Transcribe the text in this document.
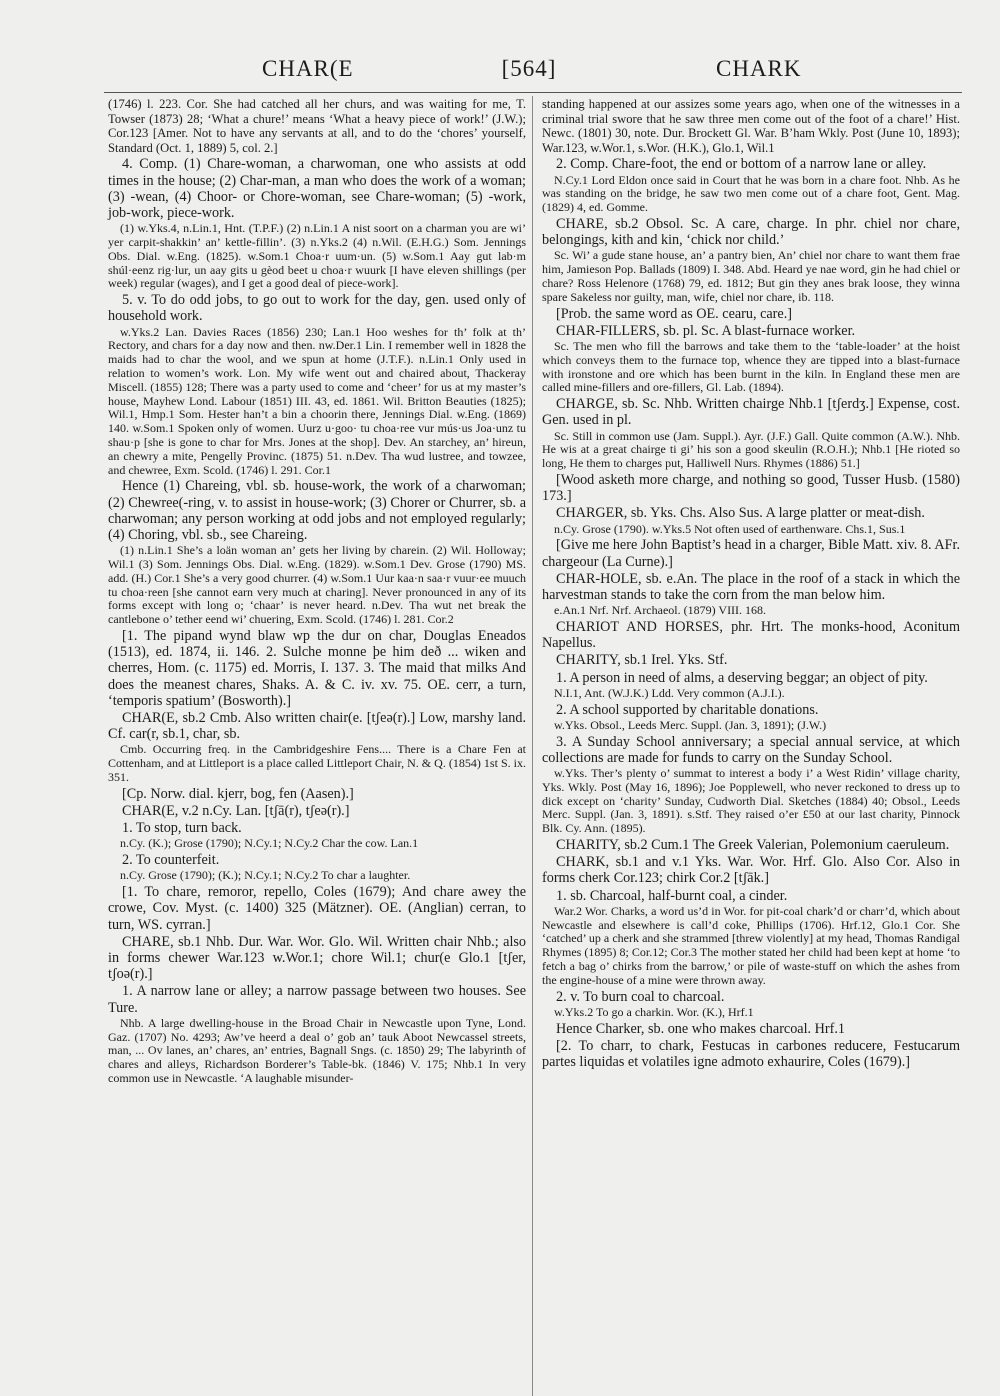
CHAR(E	[564]	CHARK

(1746) l. 223. Cor. She had catched all her churs, and was waiting for me, T. Towser (1873) 28; ‘What a chure!’ means ‘What a heavy piece of work!’ (J.W.); Cor.123 [Amer. Not to have any servants at all, and to do the ‘chores’ yourself, Standard (Oct. 1, 1889) 5, col. 2.]

4. Comp. (1) Chare-woman, a charwoman, one who assists at odd times in the house; (2) Char-man, a man who does the work of a woman; (3) -wean, (4) Choor- or Chore-woman, see Chare-woman; (5) -work, job-work, piece-work.

(1) w.Yks.4, n.Lin.1, Hnt. (T.P.F.) (2) n.Lin.1 A nist soort on a charman you are wi’ yer carpit-shakkin’ an’ kettle-fillin’. (3) n.Yks.2 (4) n.Wil. (E.H.G.) Som. Jennings Obs. Dial. w.Eng. (1825). w.Som.1 Choa·r uum·un. (5) w.Som.1 Aay gut lab·m shúl·eenz rig·lur, un aay gits u gèod beet u choa·r wuurk [I have eleven shillings (per week) regular (wages), and I get a good deal of piece-work].

5. v. To do odd jobs, to go out to work for the day, gen. used only of household work.

w.Yks.2 Lan. Davies Races (1856) 230; Lan.1 Hoo weshes for th’ folk at th’ Rectory, and chars for a day now and then. nw.Der.1 Lin. I remember well in 1828 the maids had to char the wool, and we spun at home (J.T.F.). n.Lin.1 Only used in relation to women’s work. Lon. My wife went out and chaired about, Thackeray Miscell. (1855) 128; There was a party used to come and ‘cheer’ for us at my master’s house, Mayhew Lond. Labour (1851) III. 43, ed. 1861. Wil. Britton Beauties (1825); Wil.1, Hmp.1 Som. Hester han’t a bin a choorin there, Jennings Dial. w.Eng. (1869) 140. w.Som.1 Spoken only of women. Uurz u·goo· tu choa·ree vur mús·us Joa·unz tu shau·p [she is gone to char for Mrs. Jones at the shop]. Dev. An starchey, an’ hireun, an chewry a mite, Pengelly Provinc. (1875) 51. n.Dev. Tha wud lustree, and towzee, and chewree, Exm. Scold. (1746) l. 291. Cor.1

Hence (1) Chareing, vbl. sb. house-work, the work of a charwoman; (2) Chewree(-ring, v. to assist in house-work; (3) Chorer or Churrer, sb. a charwoman; any person working at odd jobs and not employed regularly; (4) Choring, vbl. sb., see Chareing.

(1) n.Lin.1 She’s a loän woman an’ gets her living by charein. (2) Wil. Holloway; Wil.1 (3) Som. Jennings Obs. Dial. w.Eng. (1829). w.Som.1 Dev. Grose (1790) MS. add. (H.) Cor.1 She’s a very good churrer. (4) w.Som.1 Uur kaa·n saa·r vuur·ee muuch tu choa·reen [she cannot earn very much at charing]. Never pronounced in any of its forms except with long o; ‘chaar’ is never heard. n.Dev. Tha wut net break the cantlebone o’ tether eend wi’ chuering, Exm. Scold. (1746) l. 281. Cor.2

[1. The pipand wynd blaw wp the dur on char, Douglas Eneados (1513), ed. 1874, ii. 146. 2. Sulche monne þe him deð ... wiken and cherres, Hom. (c. 1175) ed. Morris, I. 137. 3. The maid that milks And does the meanest chares, Shaks. A. & C. iv. xv. 75. OE. cerr, a turn, ‘temporis spatium’ (Bosworth).]

CHAR(E, sb.2 Cmb. Also written chair(e. [tʃeə(r).] Low, marshy land. Cf. car(r, sb.1, char, sb.

Cmb. Occurring freq. in the Cambridgeshire Fens.... There is a Chare Fen at Cottenham, and at Littleport is a place called Littleport Chair, N. & Q. (1854) 1st S. ix. 351.

[Cp. Norw. dial. kjerr, bog, fen (Aasen).]

CHAR(E, v.2 n.Cy. Lan. [tʃā(r), tʃeə(r).]

1. To stop, turn back.

n.Cy. (K.); Grose (1790); N.Cy.1; N.Cy.2 Char the cow. Lan.1

2. To counterfeit.

n.Cy. Grose (1790); (K.); N.Cy.1; N.Cy.2 To char a laughter.

[1. To chare, remoror, repello, Coles (1679); And chare awey the crowe, Cov. Myst. (c. 1400) 325 (Mätzner). OE. (Anglian) cerran, to turn, WS. cyrran.]

CHARE, sb.1 Nhb. Dur. War. Wor. Glo. Wil. Written chair Nhb.; also in forms chewer War.123 w.Wor.1; chore Wil.1; chur(e Glo.1 [tʃer, tʃoə(r).]

1. A narrow lane or alley; a narrow passage between two houses. See Ture.

Nhb. A large dwelling-house in the Broad Chair in Newcastle upon Tyne, Lond. Gaz. (1707) No. 4293; Aw’ve heerd a deal o’ gob an’ tauk Aboot Newcassel streets, man, ... Ov lanes, an’ chares, an’ entries, Bagnall Sngs. (c. 1850) 29; The labyrinth of chares and alleys, Richardson Borderer’s Table-bk. (1846) V. 175; Nhb.1 In very common use in Newcastle. ‘A laughable misunder-

standing happened at our assizes some years ago, when one of the witnesses in a criminal trial swore that he saw three men come out of the foot of a chare!’ Hist. Newc. (1801) 30, note. Dur. Brockett Gl. War. B’ham Wkly. Post (June 10, 1893); War.123, w.Wor.1, s.Wor. (H.K.), Glo.1, Wil.1

2. Comp. Chare-foot, the end or bottom of a narrow lane or alley.

N.Cy.1 Lord Eldon once said in Court that he was born in a chare foot. Nhb. As he was standing on the bridge, he saw two men come out of a chare foot, Gent. Mag. (1829) 4, ed. Gomme.

CHARE, sb.2 Obsol. Sc. A care, charge. In phr. chiel nor chare, belongings, kith and kin, ‘chick nor child.’

Sc. Wi’ a gude stane house, an’ a pantry bien, An’ chiel nor chare to want them frae him, Jamieson Pop. Ballads (1809) I. 348. Abd. Heard ye nae word, gin he had chiel or chare? Ross Helenore (1768) 79, ed. 1812; But gin they anes brak loose, they winna spare Sakeless nor guilty, man, wife, chiel nor chare, ib. 118.

[Prob. the same word as OE. cearu, care.]

CHAR-FILLERS, sb. pl. Sc. A blast-furnace worker.

Sc. The men who fill the barrows and take them to the ‘table-loader’ at the hoist which conveys them to the furnace top, whence they are tipped into a blast-furnace with ironstone and ore which has been burnt in the kiln. In England these men are called mine-fillers and ore-fillers, Gl. Lab. (1894).

CHARGE, sb. Sc. Nhb. Written chairge Nhb.1 [tʃerdʒ.] Expense, cost. Gen. used in pl.

Sc. Still in common use (Jam. Suppl.). Ayr. (J.F.) Gall. Quite common (A.W.). Nhb. He wis at a great chairge ti gi’ his son a good skeulin (R.O.H.); Nhb.1 [He rioted so long, He them to charges put, Halliwell Nurs. Rhymes (1886) 51.]

[Wood asketh more charge, and nothing so good, Tusser Husb. (1580) 173.]

CHARGER, sb. Yks. Chs. Also Sus. A large platter or meat-dish.

n.Cy. Grose (1790). w.Yks.5 Not often used of earthenware. Chs.1, Sus.1

[Give me here John Baptist’s head in a charger, Bible Matt. xiv. 8. AFr. chargeour (La Curne).]

CHAR-HOLE, sb. e.An. The place in the roof of a stack in which the harvestman stands to take the corn from the man below him.

e.An.1 Nrf. Nrf. Archaeol. (1879) VIII. 168.

CHARIOT AND HORSES, phr. Hrt. The monks-hood, Aconitum Napellus.

CHARITY, sb.1 Irel. Yks. Stf.

1. A person in need of alms, a deserving beggar; an object of pity.

N.I.1, Ant. (W.J.K.) Ldd. Very common (A.J.I.).

2. A school supported by charitable donations.

w.Yks. Obsol., Leeds Merc. Suppl. (Jan. 3, 1891); (J.W.)

3. A Sunday School anniversary; a special annual service, at which collections are made for funds to carry on the Sunday School.

w.Yks. Ther’s plenty o’ summat to interest a body i’ a West Ridin’ village charity, Yks. Wkly. Post (May 16, 1896); Joe Popplewell, who never reckoned to dress up to dick except on ‘charity’ Sunday, Cudworth Dial. Sketches (1884) 40; Obsol., Leeds Merc. Suppl. (Jan. 3, 1891). s.Stf. They raised o’er £50 at our last charity, Pinnock Blk. Cy. Ann. (1895).

CHARITY, sb.2 Cum.1 The Greek Valerian, Polemonium caeruleum.

CHARK, sb.1 and v.1 Yks. War. Wor. Hrf. Glo. Also Cor. Also in forms cherk Cor.123; chirk Cor.2 [tʃāk.]

1. sb. Charcoal, half-burnt coal, a cinder.

War.2 Wor. Charks, a word us’d in Wor. for pit-coal chark’d or charr’d, which about Newcastle and elsewhere is call’d coke, Phillips (1706). Hrf.12, Glo.1 Cor. She ‘catched’ up a cherk and she strammed [threw violently] at my head, Thomas Randigal Rhymes (1895) 8; Cor.12; Cor.3 The mother stated her child had been kept at home ‘to fetch a bag o’ chirks from the barrow,’ or pile of waste-stuff on which the ashes from the engine-house of a mine were thrown away.

2. v. To burn coal to charcoal.

w.Yks.2 To go a charkin. Wor. (K.), Hrf.1

Hence Charker, sb. one who makes charcoal. Hrf.1

[2. To charr, to chark, Festucas in carbones reducere, Festucarum partes liquidas et volatiles igne admoto exhaurire, Coles (1679).]
